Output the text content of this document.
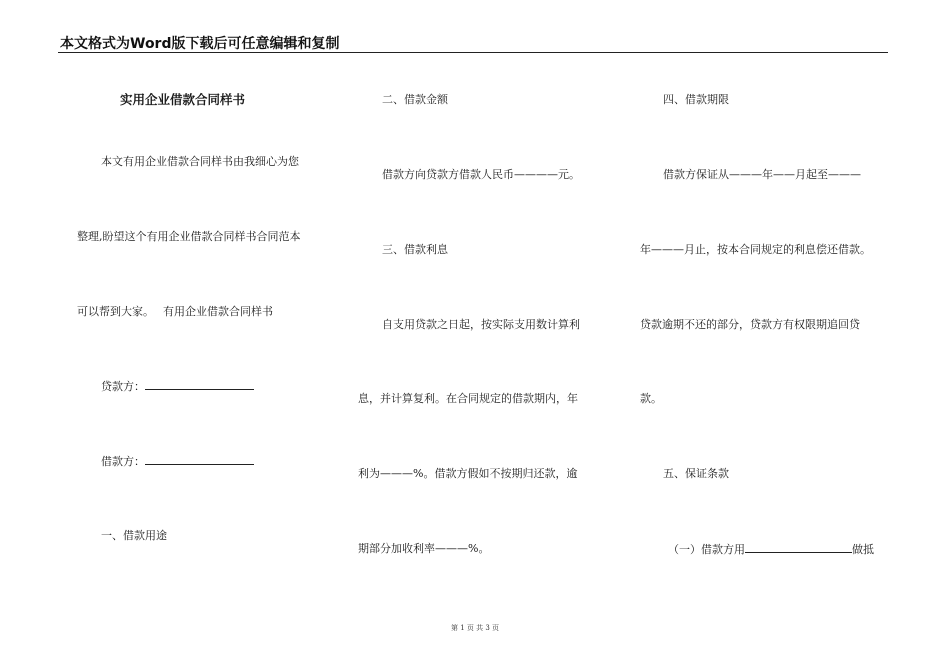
本文格式为Word版下载后可任意编辑和复制
实用企业借款合同样书
本文有用企业借款合同样书由我细心为您
整理,盼望这个有用企业借款合同样书合同范本
可以帮到大家。　 有用企业借款合同样书
贷款方：
借款方：
一、借款用途
二、借款金额
借款方向贷款方借款人民币————元。
三、借款利息
自支用贷款之日起，按实际支用数计算利
息，并计算复利。在合同规定的借款期内，年
利为———%。借款方假如不按期归还款，逾
期部分加收利率———%。
四、借款期限
借款方保证从———年——月起至———
年———月止，按本合同规定的利息偿还借款。
贷款逾期不还的部分，贷款方有权限期追回贷
款。
五、保证条款
（一）借款方用	做抵
第 1 页 共 3 页
